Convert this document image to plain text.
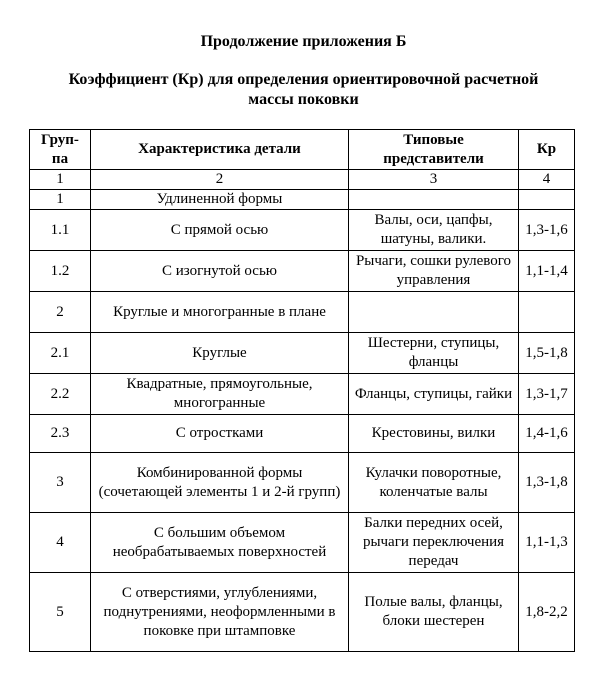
Продолжение приложения Б
Коэффициент (Кр) для определения ориентировочной расчетной
массы поковки
Груп-па	Характеристика детали	Типовые представители	Кр
1	2	3	4
1	Удлиненной формы		
1.1	С прямой осью	Валы, оси, цапфы, шатуны, валики.	1,3-1,6
1.2	С изогнутой осью	Рычаги, сошки рулевого управления	1,1-1,4
2	Круглые и многогранные в плане		
2.1	Круглые	Шестерни, ступицы, фланцы	1,5-1,8
2.2	Квадратные, прямоугольные, многогранные	Фланцы, ступицы, гайки	1,3-1,7
2.3	С отростками	Крестовины, вилки	1,4-1,6
3	Комбинированной формы (сочетающей элементы 1 и 2-й групп)	Кулачки поворотные, коленчатые валы	1,3-1,8
4	С большим объемом необрабатываемых поверхностей	Балки передних осей, рычаги переключения передач	1,1-1,3
5	С отверстиями, углублениями, поднутрениями, неоформленными в поковке при штамповке	Полые валы, фланцы, блоки шестерен	1,8-2,2
